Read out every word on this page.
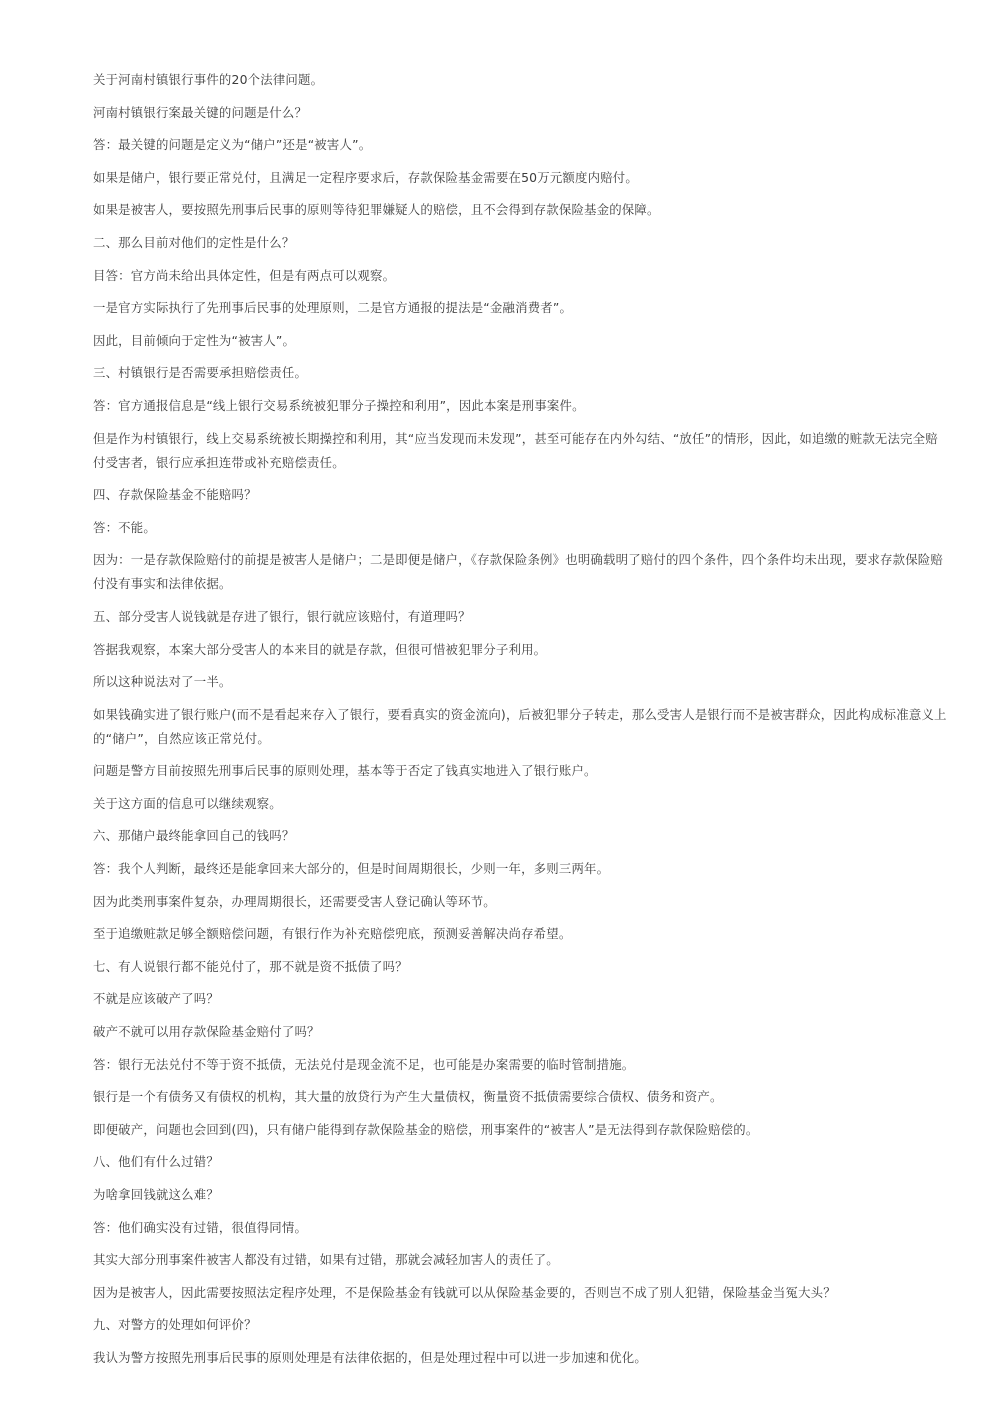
关于河南村镇银行事件的20个法律问题。

河南村镇银行案最关键的问题是什么？

答：最关键的问题是定义为“储户”还是“被害人”。

如果是储户，银行要正常兑付，且满足一定程序要求后，存款保险基金需要在50万元额度内赔付。

如果是被害人，要按照先刑事后民事的原则等待犯罪嫌疑人的赔偿，且不会得到存款保险基金的保障。

二、那么目前对他们的定性是什么？

目答：官方尚未给出具体定性，但是有两点可以观察。

一是官方实际执行了先刑事后民事的处理原则，二是官方通报的提法是“金融消费者”。

因此，目前倾向于定性为“被害人”。

三、村镇银行是否需要承担赔偿责任。

答：官方通报信息是“线上银行交易系统被犯罪分子操控和利用”，因此本案是刑事案件。

但是作为村镇银行，线上交易系统被长期操控和利用，其“应当发现而未发现”，甚至可能存在内外勾结、“放任”的情形，因此，如追缴的赃款无法完全赔付受害者，银行应承担连带或补充赔偿责任。

四、存款保险基金不能赔吗？

答：不能。

因为：一是存款保险赔付的前提是被害人是储户；二是即便是储户，《存款保险条例》也明确载明了赔付的四个条件，四个条件均未出现，要求存款保险赔付没有事实和法律依据。

五、部分受害人说钱就是存进了银行，银行就应该赔付，有道理吗？

答据我观察，本案大部分受害人的本来目的就是存款，但很可惜被犯罪分子利用。

所以这种说法对了一半。

如果钱确实进了银行账户(而不是看起来存入了银行，要看真实的资金流向)，后被犯罪分子转走，那么受害人是银行而不是被害群众，因此构成标准意义上的“储户”，自然应该正常兑付。

问题是警方目前按照先刑事后民事的原则处理，基本等于否定了钱真实地进入了银行账户。

关于这方面的信息可以继续观察。

六、那储户最终能拿回自己的钱吗？

答：我个人判断，最终还是能拿回来大部分的，但是时间周期很长，少则一年，多则三两年。

因为此类刑事案件复杂，办理周期很长，还需要受害人登记确认等环节。

至于追缴赃款足够全额赔偿问题，有银行作为补充赔偿兜底，预测妥善解决尚存希望。

七、有人说银行都不能兑付了，那不就是资不抵债了吗？

不就是应该破产了吗？

破产不就可以用存款保险基金赔付了吗？

答：银行无法兑付不等于资不抵债，无法兑付是现金流不足，也可能是办案需要的临时管制措施。

银行是一个有债务又有债权的机构，其大量的放贷行为产生大量债权，衡量资不抵债需要综合债权、债务和资产。

即便破产，问题也会回到(四)，只有储户能得到存款保险基金的赔偿，刑事案件的“被害人”是无法得到存款保险赔偿的。

八、他们有什么过错？

为啥拿回钱就这么难？

答：他们确实没有过错，很值得同情。

其实大部分刑事案件被害人都没有过错，如果有过错，那就会减轻加害人的责任了。

因为是被害人，因此需要按照法定程序处理，不是保险基金有钱就可以从保险基金要的，否则岂不成了别人犯错，保险基金当冤大头？

九、对警方的处理如何评价？

我认为警方按照先刑事后民事的原则处理是有法律依据的，但是处理过程中可以进一步加速和优化。
